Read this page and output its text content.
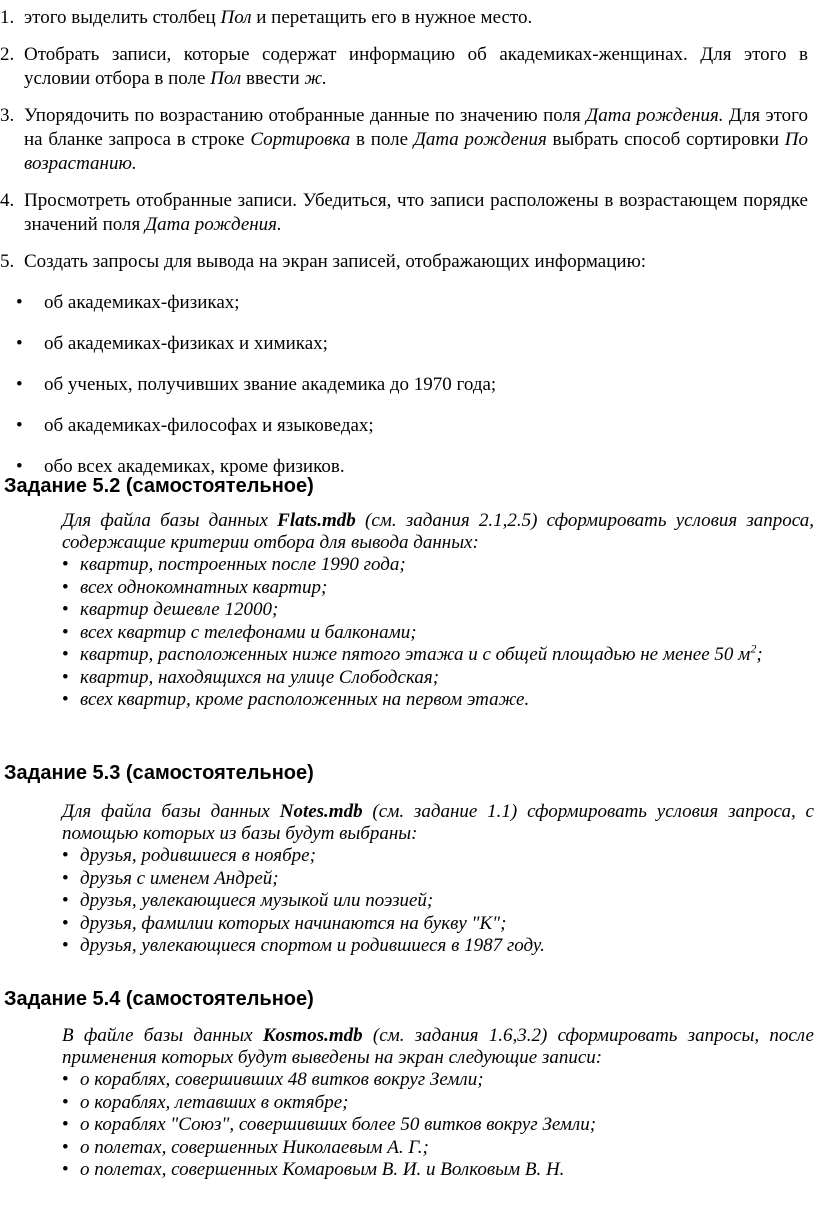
1. этого выделить столбец Пол и перетащить его в нужное место.
2. Отобрать записи, которые содержат информацию об академиках-женщинах. Для этого в условии отбора в поле Пол ввести ж.
3. Упорядочить по возрастанию отобранные данные по значению поля Дата рождения. Для этого на бланке запроса в строке Сортировка в поле Дата рождения выбрать способ сортировки По возрастанию.
4. Просмотреть отобранные записи. Убедиться, что записи расположены в возрастающем порядке значений поля Дата рождения.
5. Создать запросы для вывода на экран записей, отображающих информацию:
•	об академиках-физиках;
•	об академиках-физиках и химиках;
•	об ученых, получивших звание академика до 1970 года;
•	об академиках-философах и языковедах;
•	обо всех академиках, кроме физиков.
Задание 5.2 (самостоятельное)
Для файла базы данных Flats.mdb (см. задания 2.1,2.5) сформировать условия запроса, содержащие критерии отбора для вывода данных:
• квартир, построенных после 1990 года;
• всех однокомнатных квартир;
• квартир дешевле 12000;
• всех квартир с телефонами и балконами;
• квартир, расположенных ниже пятого этажа и с общей площадью не менее 50 $м^2$;
• квартир, находящихся на улице Слободская;
• всех квартир, кроме расположенных на первом этаже.
Задание 5.3 (самостоятельное)
Для файла базы данных Notes.mdb (см. задание 1.1) сформировать условия запроса, с помощью которых из базы будут выбраны:
• друзья, родившиеся в ноябре;
• друзья с именем Андрей;
• друзья, увлекающиеся музыкой или поэзией;
• друзья, фамилии которых начинаются на букву "К";
• друзья, увлекающиеся спортом и родившиеся в 1987 году.
Задание 5.4 (самостоятельное)
В файле базы данных Kosmos.mdb (см. задания 1.6,3.2) сформировать запросы, после применения которых будут выведены на экран следующие записи:
• о кораблях, совершивших 48 витков вокруг Земли;
• о кораблях, летавших в октябре;
• о кораблях "Союз", совершивших более 50 витков вокруг Земли;
• о полетах, совершенных Николаевым А. Г.;
• о полетах, совершенных Комаровым В. И. и Волковым В. Н.
